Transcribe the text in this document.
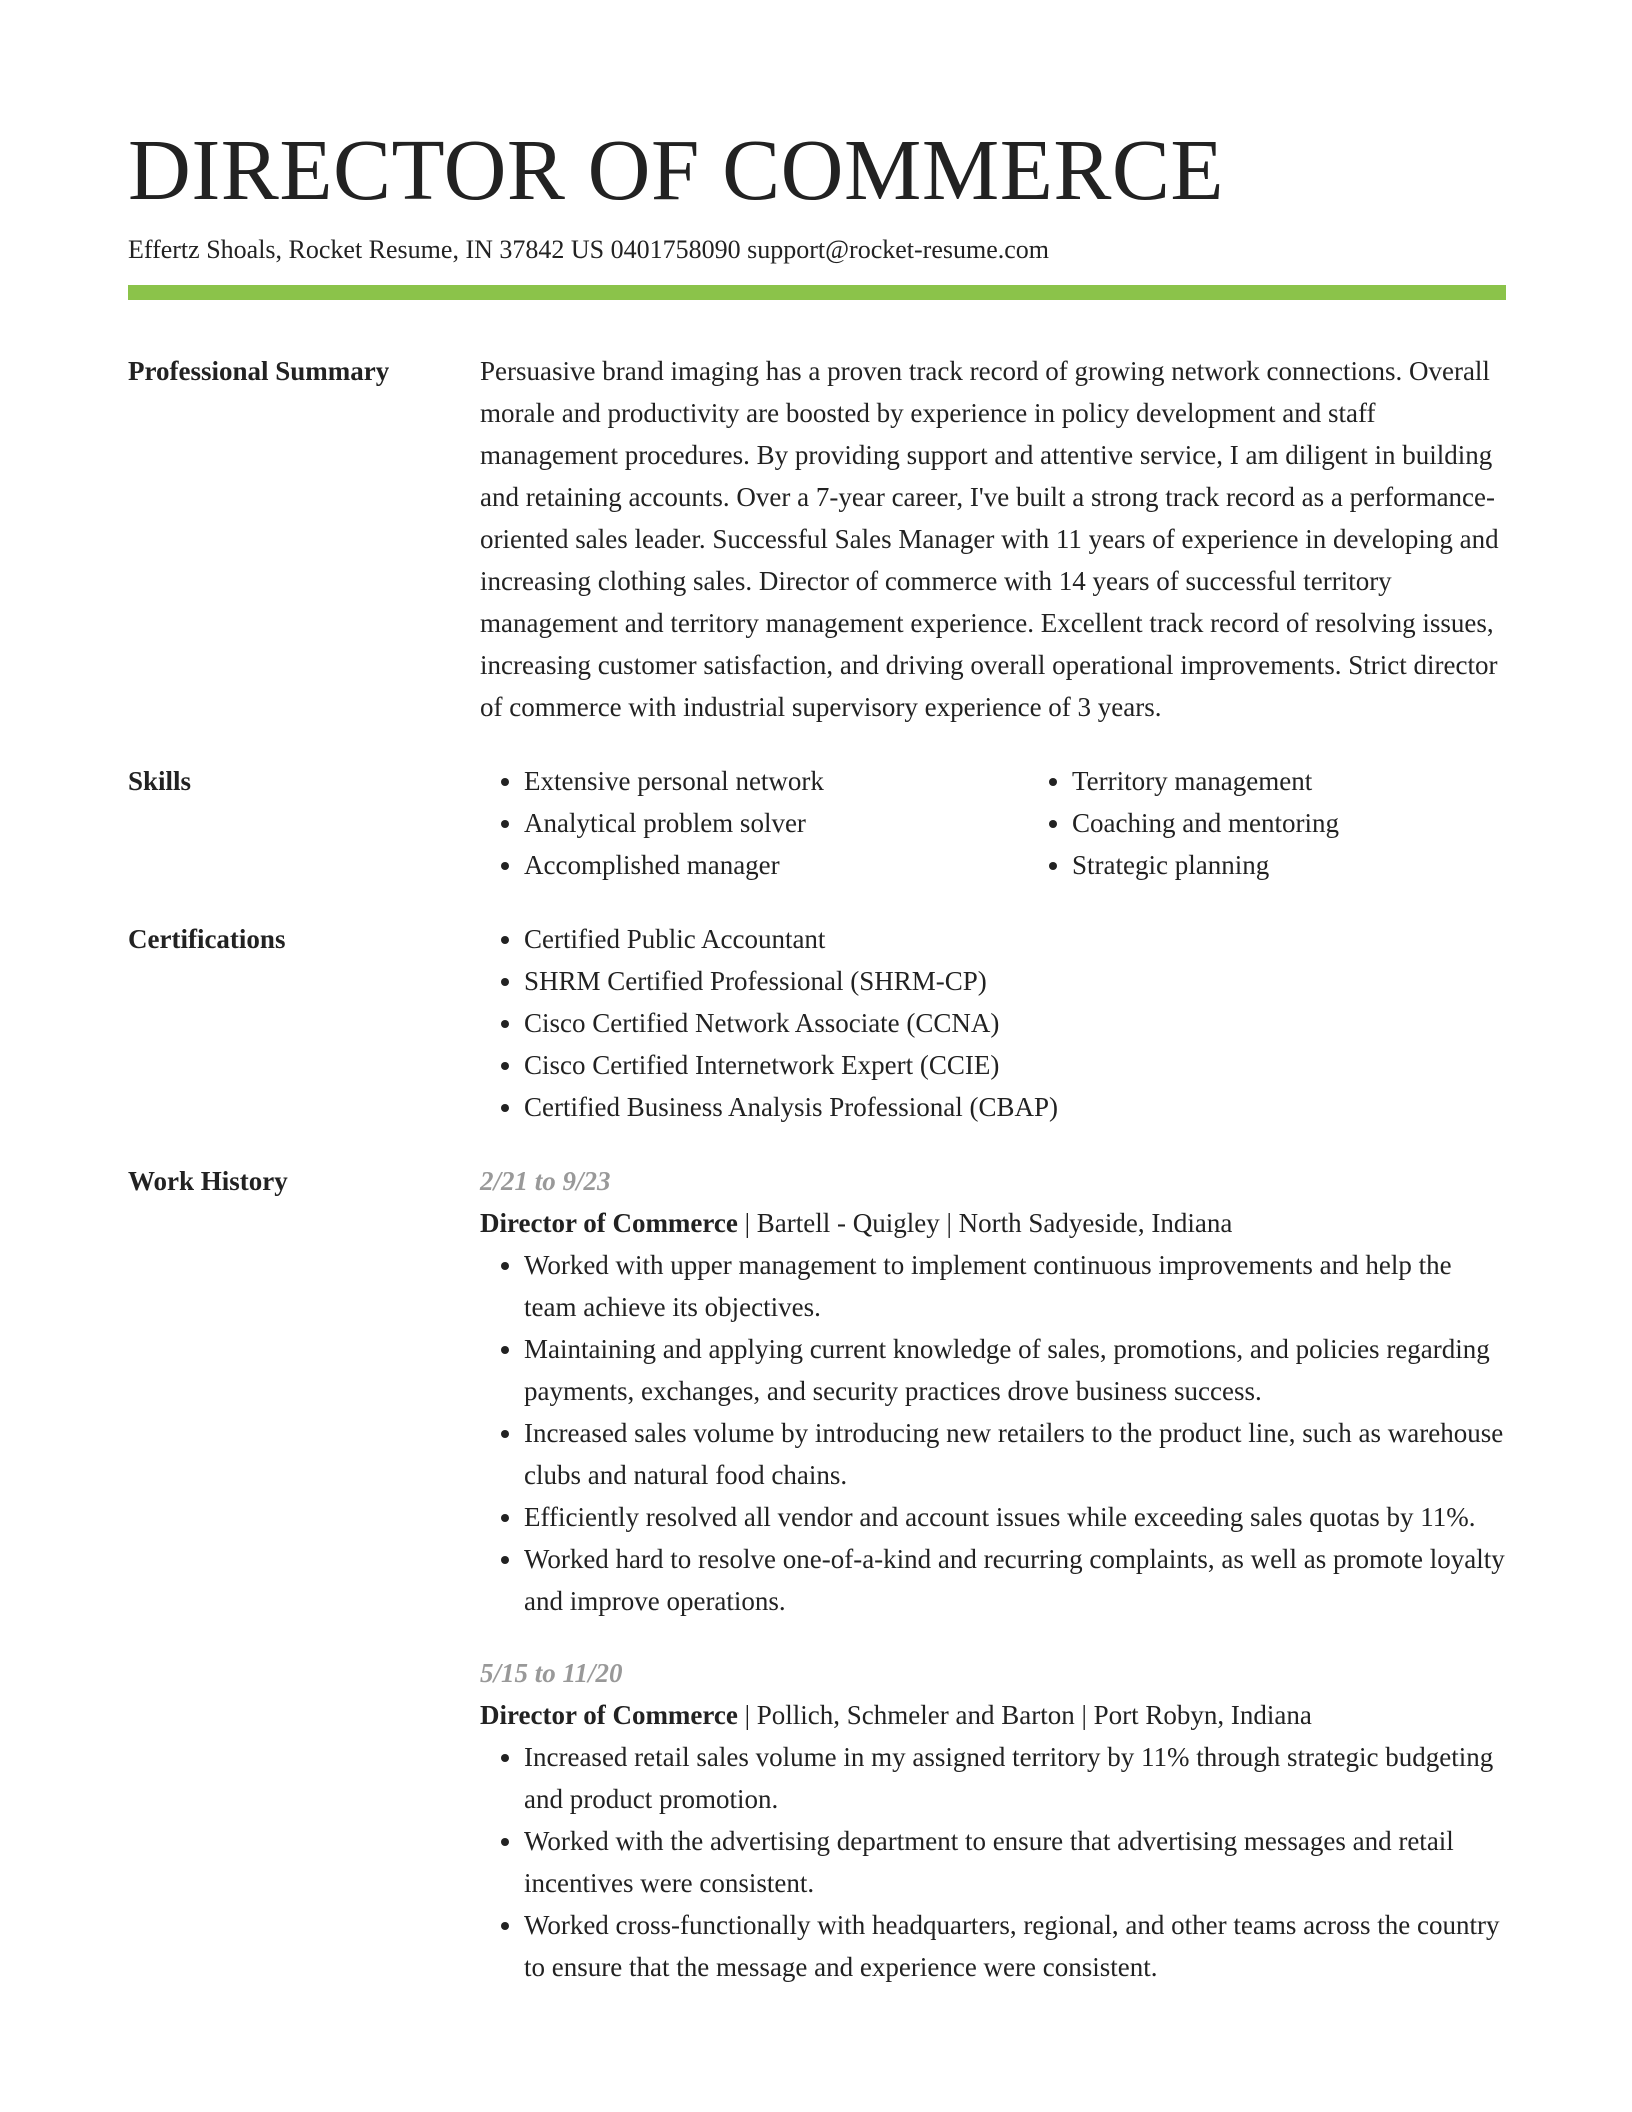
DIRECTOR OF COMMERCE
Effertz Shoals, Rocket Resume, IN 37842 US 0401758090 support@rocket-resume.com
Professional Summary	Persuasive brand imaging has a proven track record of growing network connections. Overall morale and productivity are boosted by experience in policy development and staff management procedures. By providing support and attentive service, I am diligent in building and retaining accounts. Over a 7-year career, I've built a strong track record as a performance-oriented sales leader. Successful Sales Manager with 11 years of experience in developing and increasing clothing sales. Director of commerce with 14 years of successful territory management and territory management experience. Excellent track record of resolving issues, increasing customer satisfaction, and driving overall operational improvements. Strict director of commerce with industrial supervisory experience of 3 years.

Skills	• Extensive personal network
• Analytical problem solver
• Accomplished manager
• Territory management
• Coaching and mentoring
• Strategic planning
Certifications	• Certified Public Accountant
• SHRM Certified Professional (SHRM-CP)
• Cisco Certified Network Associate (CCNA)
• Cisco Certified Internetwork Expert (CCIE)
• Certified Business Analysis Professional (CBAP)
Work History	2/21 to 9/23
Director of Commerce | Bartell - Quigley | North Sadyeside, Indiana
• Worked with upper management to implement continuous improvements and help the team achieve its objectives.
• Maintaining and applying current knowledge of sales, promotions, and policies regarding payments, exchanges, and security practices drove business success.
• Increased sales volume by introducing new retailers to the product line, such as warehouse clubs and natural food chains.
• Efficiently resolved all vendor and account issues while exceeding sales quotas by 11%.
• Worked hard to resolve one-of-a-kind and recurring complaints, as well as promote loyalty and improve operations.
5/15 to 11/20
Director of Commerce | Pollich, Schmeler and Barton | Port Robyn, Indiana
• Increased retail sales volume in my assigned territory by 11% through strategic budgeting and product promotion.
• Worked with the advertising department to ensure that advertising messages and retail incentives were consistent.
• Worked cross-functionally with headquarters, regional, and other teams across the country to ensure that the message and experience were consistent.
